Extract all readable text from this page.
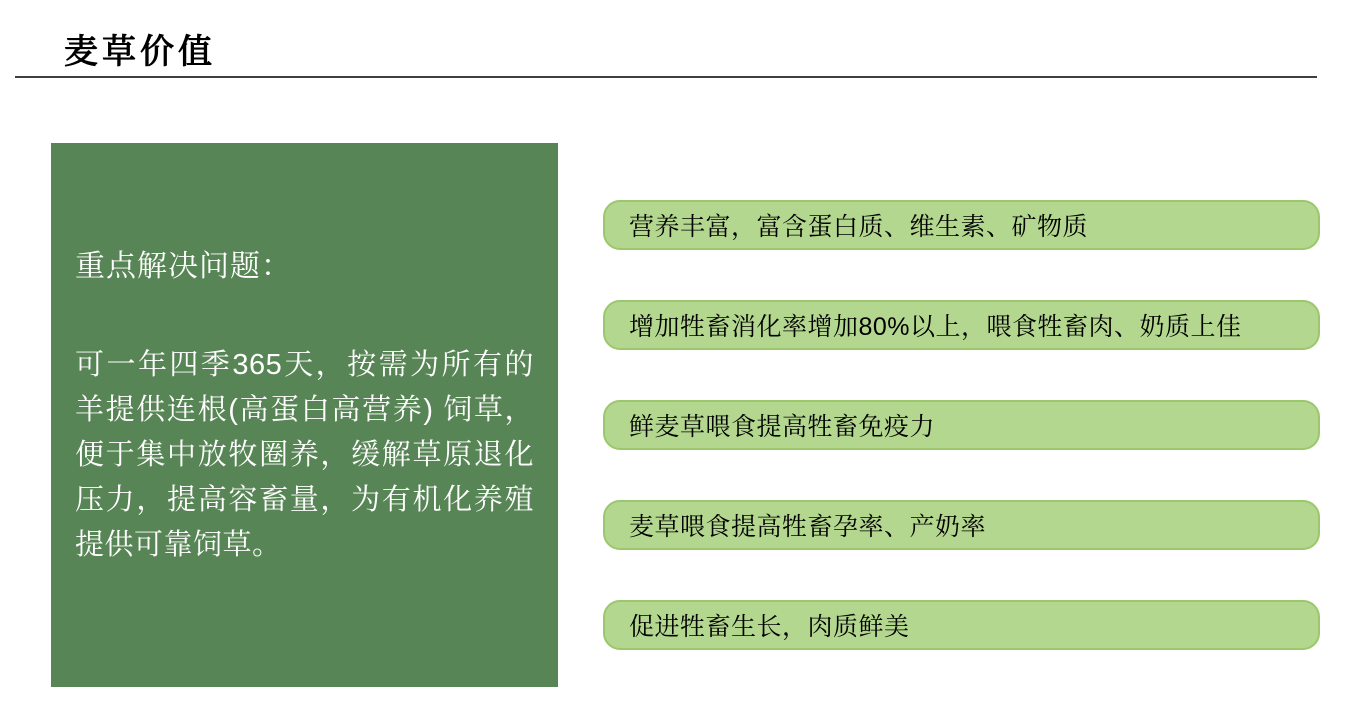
麦草价值
重点解决问题：
可一年四季365天，按需为所有的羊提供连根(高蛋白高营养) 饲草，便于集中放牧圈养，缓解草原退化压力，提高容畜量，为有机化养殖提供可靠饲草。
营养丰富，富含蛋白质、维生素、矿物质
增加牲畜消化率增加80%以上，喂食牲畜肉、奶质上佳
鲜麦草喂食提高牲畜免疫力
麦草喂食提高牲畜孕率、产奶率
促进牲畜生长，肉质鲜美
